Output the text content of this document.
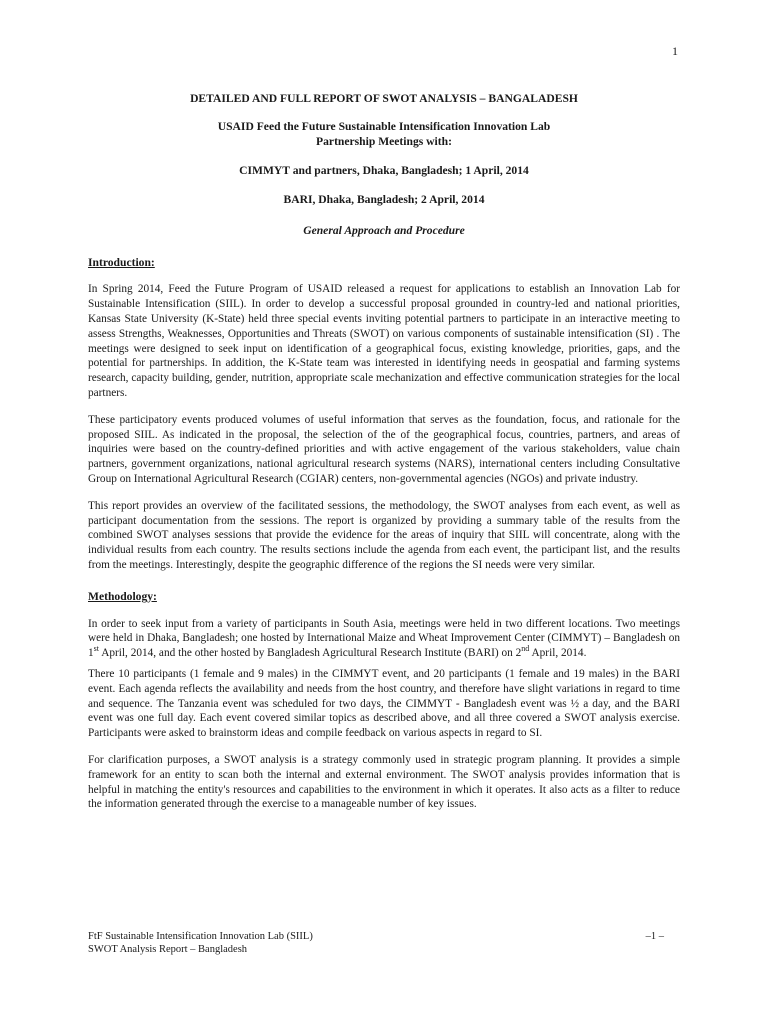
1

DETAILED AND FULL REPORT OF SWOT ANALYSIS – BANGALADESH

USAID Feed the Future Sustainable Intensification Innovation Lab

Partnership Meetings with:

CIMMYT and partners, Dhaka, Bangladesh; 1 April, 2014

BARI, Dhaka, Bangladesh; 2 April, 2014

General Approach and Procedure

Introduction:

In Spring 2014, Feed the Future Program of USAID released a request for applications to establish an Innovation Lab for Sustainable Intensification (SIIL). In order to develop a successful proposal grounded in country-led and national priorities, Kansas State University (K-State) held three special events inviting potential partners to participate in an interactive meeting to assess Strengths, Weaknesses, Opportunities and Threats (SWOT) on various components of sustainable intensification (SI) . The meetings were designed to seek input on identification of a geographical focus, existing knowledge, priorities, gaps, and the potential for partnerships. In addition, the K-State team was interested in identifying needs in geospatial and farming systems research, capacity building, gender, nutrition, appropriate scale mechanization and effective communication strategies for the local partners.

These participatory events produced volumes of useful information that serves as the foundation, focus, and rationale for the proposed SIIL. As indicated in the proposal, the selection of the of the geographical focus, countries, partners, and areas of inquiries were based on the country-defined priorities and with active engagement of the various stakeholders, value chain partners, government organizations, national agricultural research systems (NARS), international centers including Consultative Group on International Agricultural Research (CGIAR) centers, non-governmental agencies (NGOs) and private industry.

This report provides an overview of the facilitated sessions, the methodology, the SWOT analyses from each event, as well as participant documentation from the sessions. The report is organized by providing a summary table of the results from the combined SWOT analyses sessions that provide the evidence for the areas of inquiry that SIIL will concentrate, along with the individual results from each country. The results sections include the agenda from each event, the participant list, and the results from the meetings. Interestingly, despite the geographic difference of the regions the SI needs were very similar.

Methodology:

In order to seek input from a variety of participants in South Asia, meetings were held in two different locations. Two meetings were held in Dhaka, Bangladesh; one hosted by International Maize and Wheat Improvement Center (CIMMYT) – Bangladesh on 1st April, 2014, and the other hosted by Bangladesh Agricultural Research Institute (BARI) on 2nd April, 2014.

There 10 participants (1 female and 9 males) in the CIMMYT event, and 20 participants (1 female and 19 males) in the BARI event. Each agenda reflects the availability and needs from the host country, and therefore have slight variations in regard to time and sequence. The Tanzania event was scheduled for two days, the CIMMYT - Bangladesh event was ½ a day, and the BARI event was one full day. Each event covered similar topics as described above, and all three covered a SWOT analysis exercise. Participants were asked to brainstorm ideas and compile feedback on various aspects in regard to SI.

For clarification purposes, a SWOT analysis is a strategy commonly used in strategic program planning. It provides a simple framework for an entity to scan both the internal and external environment. The SWOT analysis provides information that is helpful in matching the entity's resources and capabilities to the environment in which it operates. It also acts as a filter to reduce the information generated through the exercise to a manageable number of key issues.

FtF Sustainable Intensification Innovation Lab (SIIL)
SWOT Analysis Report – Bangladesh
–1 –
